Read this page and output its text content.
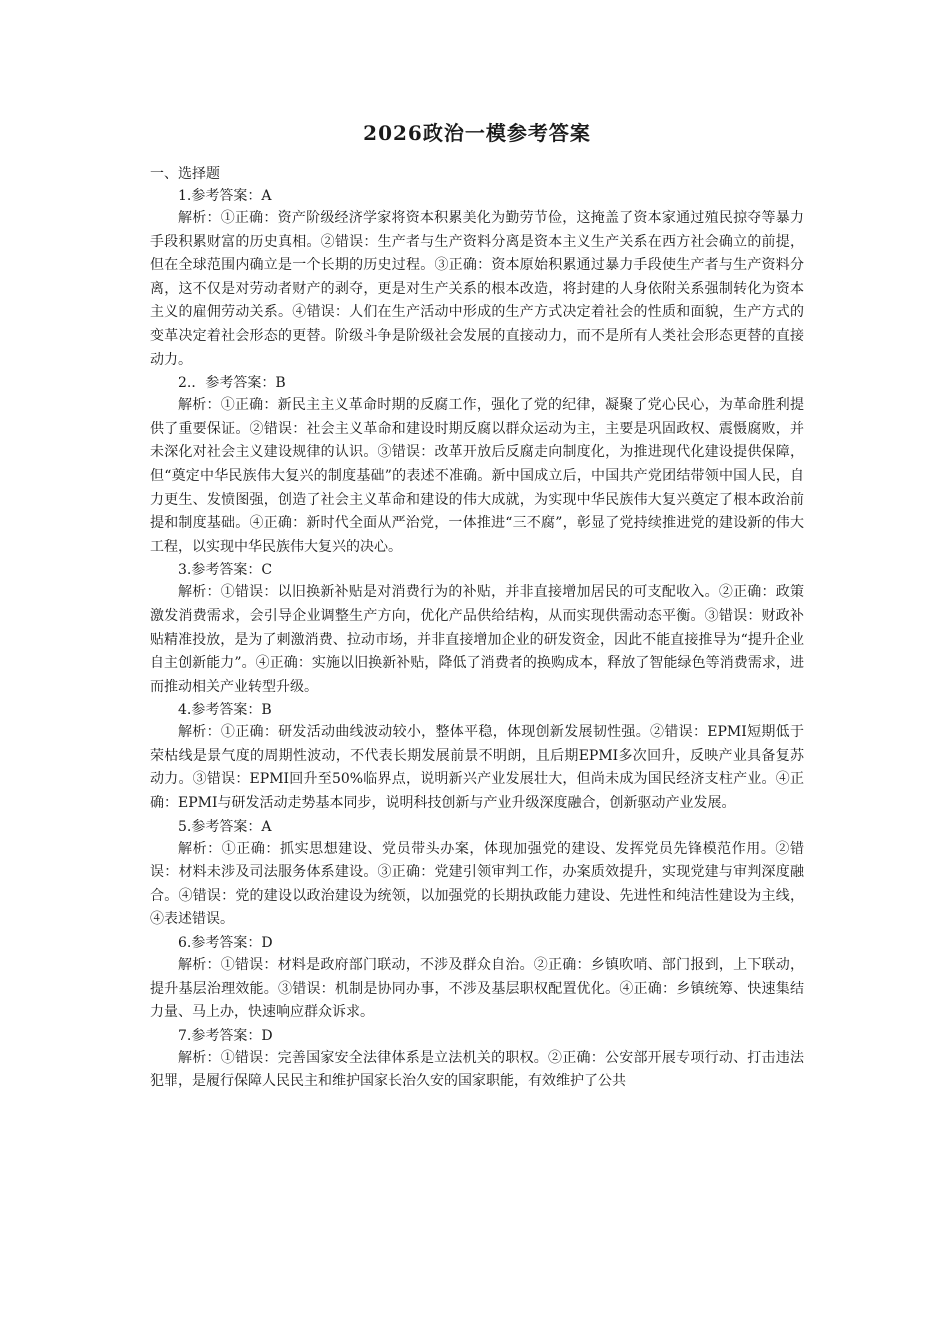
2026政治一模参考答案

一、选择题

1.参考答案：A

解析：①正确：资产阶级经济学家将资本积累美化为勤劳节俭，这掩盖了资本家通过殖民掠夺等暴力手段积累财富的历史真相。②错误：生产者与生产资料分离是资本主义生产关系在西方社会确立的前提，但在全球范围内确立是一个长期的历史过程。③正确：资本原始积累通过暴力手段使生产者与生产资料分离，这不仅是对劳动者财产的剥夺，更是对生产关系的根本改造，将封建的人身依附关系强制转化为资本主义的雇佣劳动关系。④错误：人们在生产活动中形成的生产方式决定着社会的性质和面貌，生产方式的变革决定着社会形态的更替。阶级斗争是阶级社会发展的直接动力，而不是所有人类社会形态更替的直接动力。

2.．参考答案：B

解析：①正确：新民主主义革命时期的反腐工作，强化了党的纪律，凝聚了党心民心，为革命胜利提供了重要保证。②错误：社会主义革命和建设时期反腐以群众运动为主，主要是巩固政权、震慑腐败，并未深化对社会主义建设规律的认识。③错误：改革开放后反腐走向制度化，为推进现代化建设提供保障，但“奠定中华民族伟大复兴的制度基础”的表述不准确。新中国成立后，中国共产党团结带领中国人民，自力更生、发愤图强，创造了社会主义革命和建设的伟大成就，为实现中华民族伟大复兴奠定了根本政治前提和制度基础。④正确：新时代全面从严治党，一体推进“三不腐”，彰显了党持续推进党的建设新的伟大工程，以实现中华民族伟大复兴的决心。

3.参考答案：C

解析：①错误：以旧换新补贴是对消费行为的补贴，并非直接增加居民的可支配收入。②正确：政策激发消费需求，会引导企业调整生产方向，优化产品供给结构，从而实现供需动态平衡。③错误：财政补贴精准投放，是为了刺激消费、拉动市场，并非直接增加企业的研发资金，因此不能直接推导为“提升企业自主创新能力”。④正确：实施以旧换新补贴，降低了消费者的换购成本，释放了智能绿色等消费需求，进而推动相关产业转型升级。

4.参考答案：B

解析：①正确：研发活动曲线波动较小，整体平稳，体现创新发展韧性强。②错误：EPMI短期低于荣枯线是景气度的周期性波动，不代表长期发展前景不明朗，且后期EPMI多次回升，反映产业具备复苏动力。③错误：EPMI回升至50%临界点，说明新兴产业发展壮大，但尚未成为国民经济支柱产业。④正确：EPMI与研发活动走势基本同步，说明科技创新与产业升级深度融合，创新驱动产业发展。

5.参考答案：A

解析：①正确：抓实思想建设、党员带头办案，体现加强党的建设、发挥党员先锋模范作用。②错误：材料未涉及司法服务体系建设。③正确：党建引领审判工作，办案质效提升，实现党建与审判深度融合。④错误：党的建设以政治建设为统领，以加强党的长期执政能力建设、先进性和纯洁性建设为主线，④表述错误。

6.参考答案：D

解析：①错误：材料是政府部门联动，不涉及群众自治。②正确：乡镇吹哨、部门报到，上下联动，提升基层治理效能。③错误：机制是协同办事，不涉及基层职权配置优化。④正确：乡镇统筹、快速集结力量、马上办，快速响应群众诉求。

7.参考答案：D

解析：①错误：完善国家安全法律体系是立法机关的职权。②正确：公安部开展专项行动、打击违法犯罪，是履行保障人民民主和维护国家长治久安的国家职能，有效维护了公共
